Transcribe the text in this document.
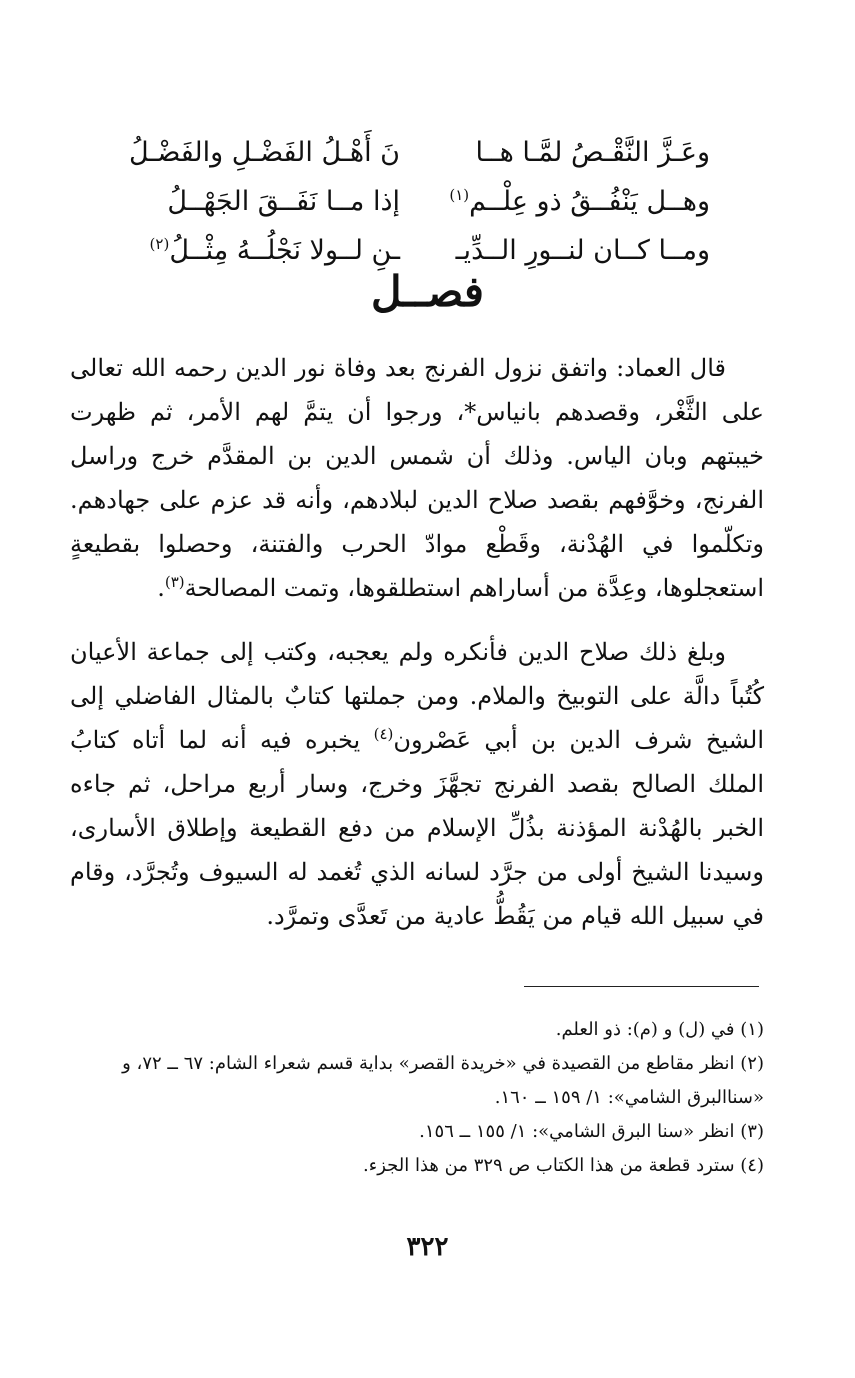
وعَـزَّ النَّقْـصُ لمَّـا هــا
نَ أَهْـلُ الفَضْـلِ والفَضْـلُ
وهــل يَنْفُــقُ ذو عِلْــم$^{(١)}$
إذا مــا نَفَــقَ الجَهْــلُ
ومــا كــان لنــورِ الــدِّيـ
ـنِ لــولا نَجْلُــهُ مِثْــلُ$^{(٢)}$
فصــل

قال العماد: واتفق نزول الفرنج بعد وفاة نور الدين رحمه الله تعالى على الثَّغْر، وقصدهم بانياس*، ورجوا أن يتمَّ لهم الأمر، ثم ظهرت خيبتهم وبان الياس. وذلك أن شمس الدين بن المقدَّم خرج وراسل الفرنج، وخوَّفهم بقصد صلاح الدين لبلادهم، وأنه قد عزم على جهادهم. وتكلّموا في الهُدْنة، وقَطْع موادّ الحرب والفتنة، وحصلوا بقطيعةٍ استعجلوها، وعِدَّة من أساراهم استطلقوها، وتمت المصالحة$^{(٣)}$.

وبلغ ذلك صلاح الدين فأنكره ولم يعجبه، وكتب إلى جماعة الأعيان كُتُباً دالَّة على التوبيخ والملام. ومن جملتها كتابٌ بالمثال الفاضلي إلى الشيخ شرف الدين بن أبي عَصْرون$^{(٤)}$ يخبره فيه أنه لما أتاه كتابُ الملك الصالح بقصد الفرنج تجهَّزَ وخرج، وسار أربع مراحل، ثم جاءه الخبر بالهُدْنة المؤذنة بذُلِّ الإسلام من دفع القطيعة وإطلاق الأسارى، وسيدنا الشيخ أولى من جرَّد لسانه الذي تُغمد له السيوف وتُجرَّد، وقام في سبيل الله قيام من يَقُطُّ عادية من تَعدَّى وتمرَّد.

(١) في (ل) و (م): ذو العلم.

(٢) انظر مقاطع من القصيدة في «خريدة القصر» بداية قسم شعراء الشام: ٦٧ ــ ٧٢، و «سناالبرق الشامي»: ١/ ١٥٩ ــ ١٦٠.

(٣) انظر «سنا البرق الشامي»: ١/ ١٥٥ ــ ١٥٦.

(٤) سترد قطعة من هذا الكتاب ص ٣٢٩ من هذا الجزء.

٣٢٢
